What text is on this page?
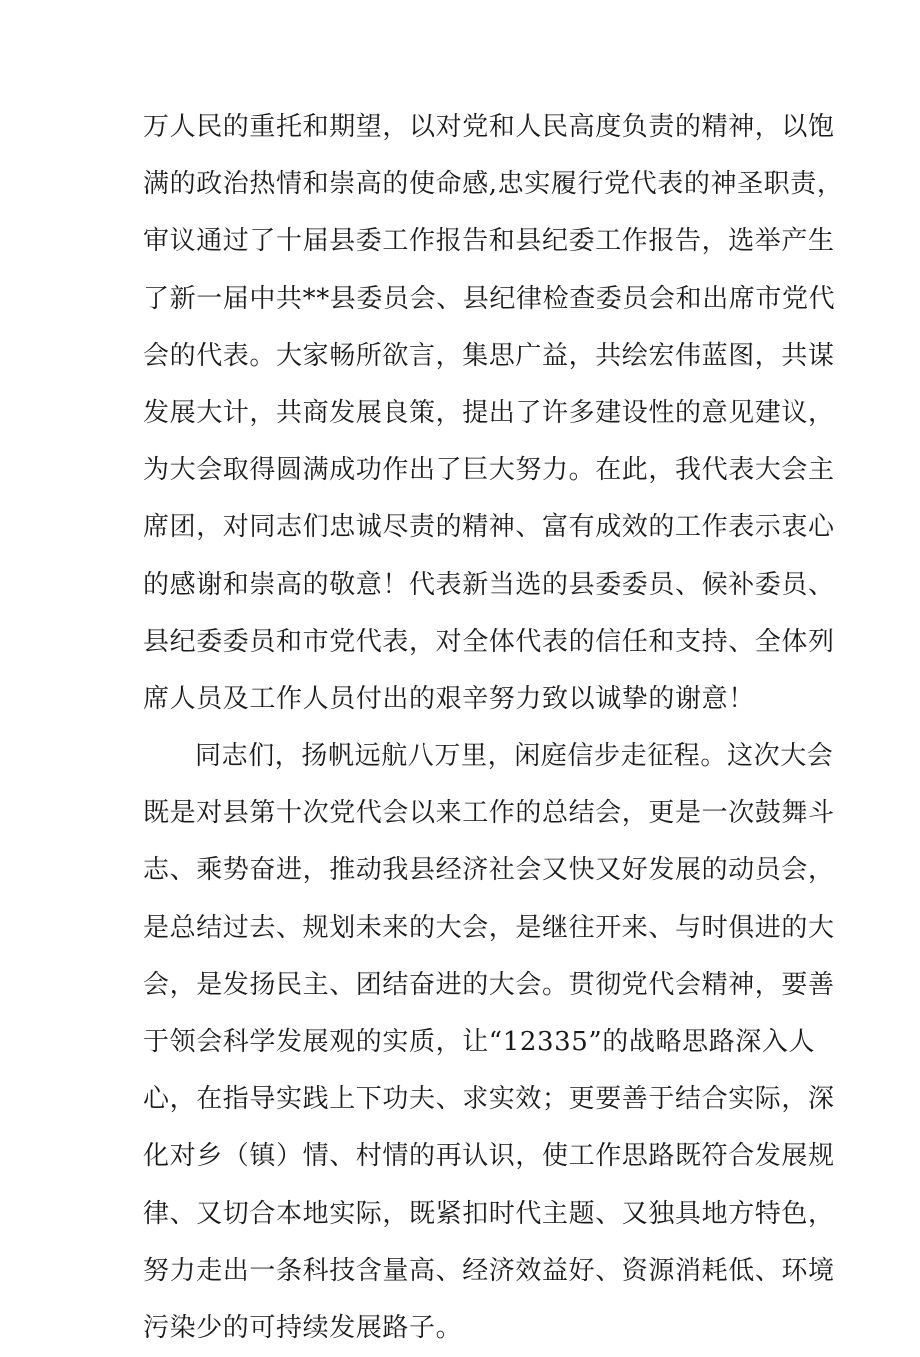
万人民的重托和期望，以对党和人民高度负责的精神，以饱
满的政治热情和崇高的使命感,忠实履行党代表的神圣职责，
审议通过了十届县委工作报告和县纪委工作报告，选举产生
了新一届中共**县委员会、县纪律检查委员会和出席市党代
会的代表。大家畅所欲言，集思广益，共绘宏伟蓝图，共谋
发展大计，共商发展良策，提出了许多建设性的意见建议，
为大会取得圆满成功作出了巨大努力。在此，我代表大会主
席团，对同志们忠诚尽责的精神、富有成效的工作表示衷心
的感谢和崇高的敬意！代表新当选的县委委员、候补委员、
县纪委委员和市党代表，对全体代表的信任和支持、全体列
席人员及工作人员付出的艰辛努力致以诚挚的谢意！
同志们，扬帆远航八万里，闲庭信步走征程。这次大会
既是对县第十次党代会以来工作的总结会，更是一次鼓舞斗
志、乘势奋进，推动我县经济社会又快又好发展的动员会，
是总结过去、规划未来的大会，是继往开来、与时俱进的大
会，是发扬民主、团结奋进的大会。贯彻党代会精神，要善
于领会科学发展观的实质，让“12335”的战略思路深入人
心，在指导实践上下功夫、求实效；更要善于结合实际，深
化对乡（镇）情、村情的再认识，使工作思路既符合发展规
律、又切合本地实际，既紧扣时代主题、又独具地方特色，
努力走出一条科技含量高、经济效益好、资源消耗低、环境
污染少的可持续发展路子。
